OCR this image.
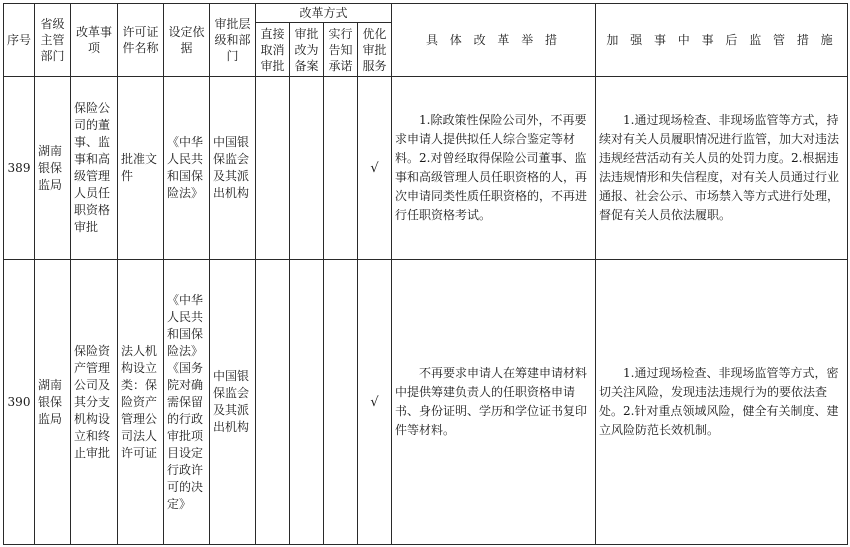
序号	省级主管部门	改革事项	许可证件名称	设定依据	审批层级和部门	改革方式				具 体 改 革 举 措	加 强 事 中 事 后 监 管 措 施
						直接取消审批	审批改为备案	实行告知承诺	优化审批服务		
389	湖南银保监局	保险公司的董事、监事和高级管理人员任职资格审批	批准文件	《中华人民共和国保险法》	中国银保监会及其派出机构				√	1.除政策性保险公司外，不再要求申请人提供拟任人综合鉴定等材料。2.对曾经取得保险公司董事、监事和高级管理人员任职资格的人，再次申请同类性质任职资格的，不再进行任职资格考试。	1.通过现场检查、非现场监管等方式，持续对有关人员履职情况进行监管，加大对违法违规经营活动有关人员的处罚力度。2.根据违法违规情形和失信程度，对有关人员通过行业通报、社会公示、市场禁入等方式进行处理，督促有关人员依法履职。

390	湖南银保监局	保险资产管理公司及其分支机构设立和终止审批	法人机构设立类：保险资产管理公司法人许可证	《中华人民共和国保险法》《国务院对确需保留的行政审批项目设定行政许可的决定》	中国银保监会及其派出机构				√	不再要求申请人在筹建申请材料中提供筹建负责人的任职资格申请书、身份证明、学历和学位证书复印件等材料。	1.通过现场检查、非现场监管等方式，密切关注风险，发现违法违规行为的要依法查处。2.针对重点领域风险，健全有关制度、建立风险防范长效机制。
